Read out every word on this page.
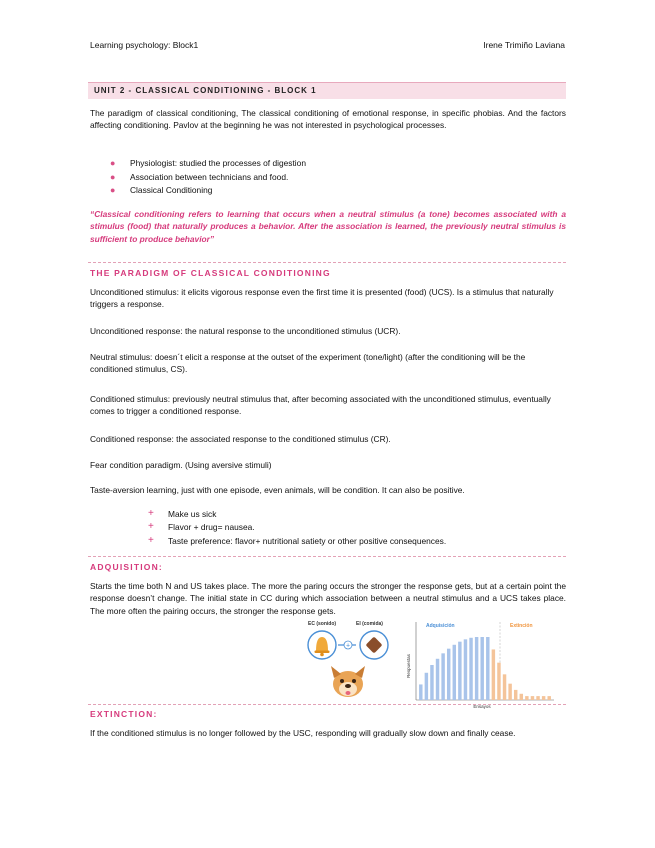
Learning psychology: Block1	Irene Trimiño Laviana
UNIT 2 - CLASSICAL CONDITIONING - BLOCK 1
The paradigm of classical conditioning, The classical conditioning of emotional response, in specific phobias. And the factors affecting conditioning. Pavlov at the beginning he was not interested in psychological processes.
● Physiologist: studied the processes of digestion
● Association between technicians and food.
● Classical Conditioning
“Classical conditioning refers to learning that occurs when a neutral stimulus (a tone) becomes associated with a stimulus (food) that naturally produces a behavior. After the association is learned, the previously neutral stimulus is sufficient to produce behavior”
THE PARADIGM OF CLASSICAL CONDITIONING
Unconditioned stimulus: it elicits vigorous response even the first time it is presented (food) (UCS). Is a stimulus that naturally triggers a response.
Unconditioned response: the natural response to the unconditioned stimulus (UCR).
Neutral stimulus: doesn´t elicit a response at the outset of the experiment (tone/light) (after the conditioning will be the conditioned stimulus, CS).
Conditioned stimulus: previously neutral stimulus that, after becoming associated with the unconditioned stimulus, eventually comes to trigger a conditioned response.
Conditioned response: the associated response to the conditioned stimulus (CR).
Fear condition paradigm. (Using aversive stimuli)
Taste-aversion learning, just with one episode, even animals, will be condition. It can also be positive.
+ Make us sick
+ Flavor + drug= nausea.
+ Taste preference: flavor+ nutritional satiety or other positive consequences.
ADQUISITION:
Starts the time both N and US takes place. The more the paring occurs the stronger the response gets, but at a certain point the response doesn’t change. The initial state in CC during which association between a neutral stimulus and a UCS takes place. The more often the pairing occurs, the stronger the response gets.
EC (sonido)	EI (comida)
+
Adquisición	Extinción
Ensayos
Respuestas
EXTINCTION:
If the conditioned stimulus is no longer followed by the USC, responding will gradually slow down and finally cease.
